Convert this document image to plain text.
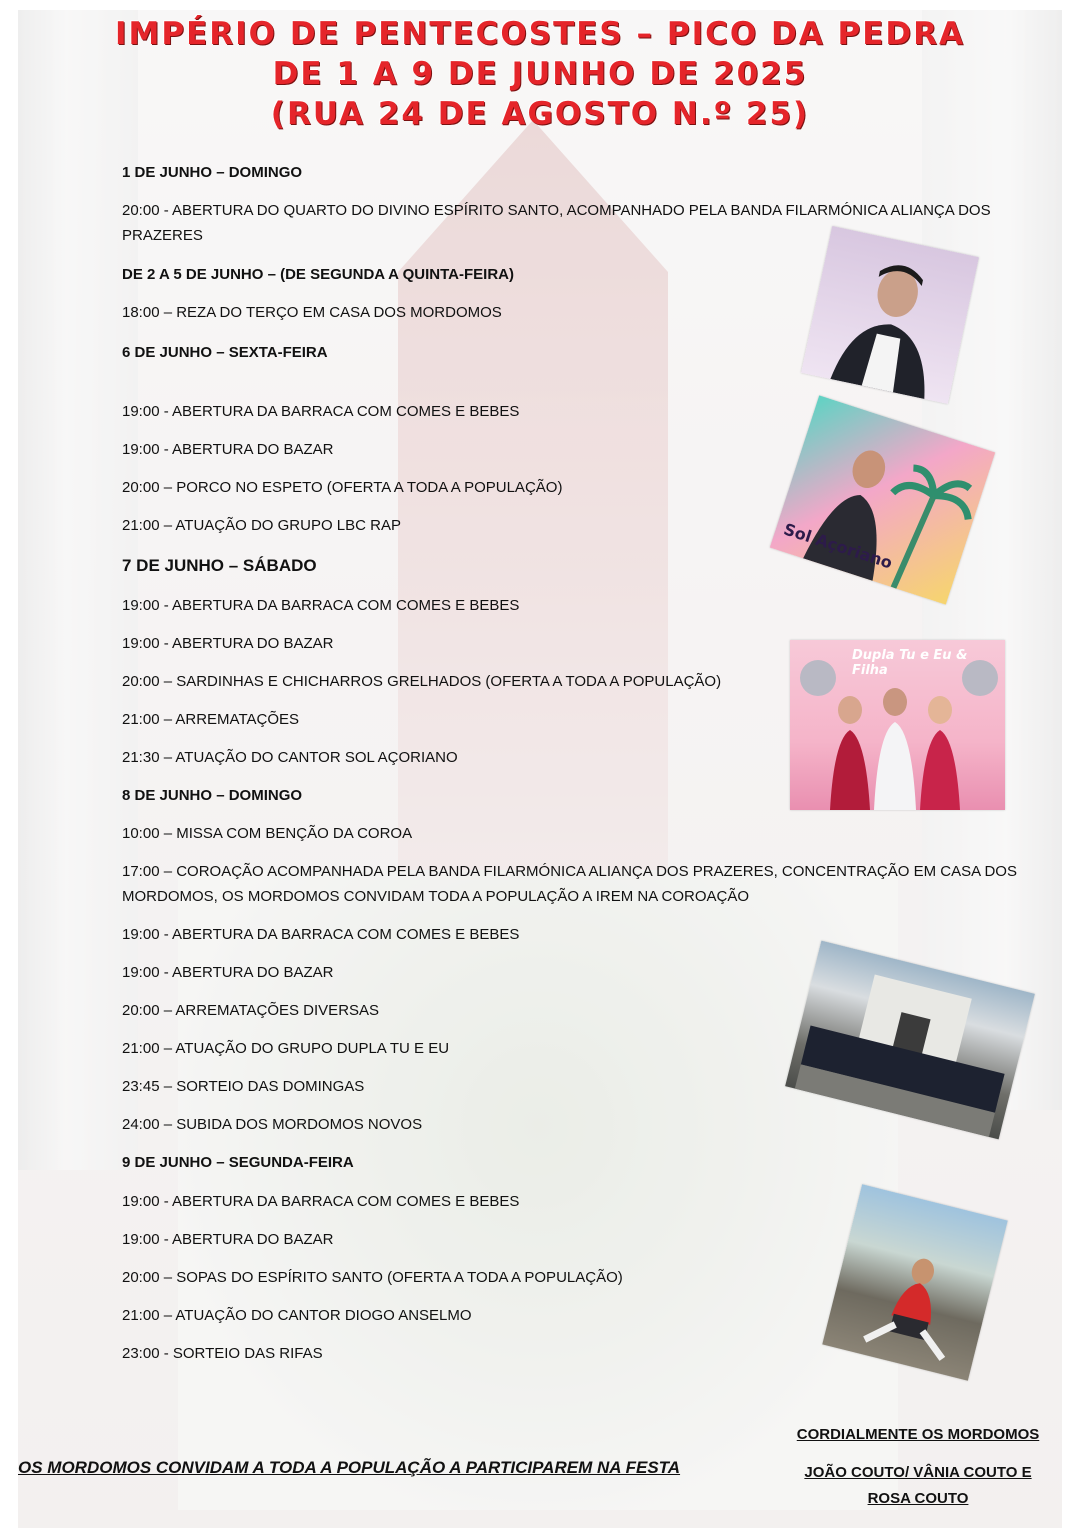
IMPÉRIO DE PENTECOSTES – PICO DA PEDRA
DE 1 A 9 DE JUNHO DE 2025
(RUA 24 DE AGOSTO N.º 25)

1 DE JUNHO – DOMINGO

20:00 - ABERTURA DO QUARTO DO DIVINO ESPÍRITO SANTO, ACOMPANHADO PELA BANDA FILARMÓNICA ALIANÇA DOS PRAZERES

DE 2 A 5 DE JUNHO – (DE SEGUNDA A QUINTA-FEIRA)

18:00 – REZA DO TERÇO EM CASA DOS MORDOMOS

6 DE JUNHO – SEXTA-FEIRA

19:00 - ABERTURA DA BARRACA COM COMES E BEBES

19:00 - ABERTURA DO BAZAR

20:00 – PORCO NO ESPETO (OFERTA A TODA A POPULAÇÃO)

21:00 – ATUAÇÃO DO GRUPO LBC RAP

7 DE JUNHO – SÁBADO

19:00 - ABERTURA DA BARRACA COM COMES E BEBES

19:00 - ABERTURA DO BAZAR

20:00 – SARDINHAS E CHICHARROS GRELHADOS (OFERTA A TODA A POPULAÇÃO)

21:00 – ARREMATAÇÕES

21:30 – ATUAÇÃO DO CANTOR SOL AÇORIANO

8 DE JUNHO – DOMINGO

10:00 – MISSA COM BENÇÃO DA COROA

17:00 – COROAÇÃO ACOMPANHADA PELA BANDA FILARMÓNICA ALIANÇA DOS PRAZERES, CONCENTRAÇÃO EM CASA DOS MORDOMOS, OS MORDOMOS CONVIDAM TODA A POPULAÇÃO A IREM NA COROAÇÃO

19:00 - ABERTURA DA BARRACA COM COMES E BEBES

19:00 - ABERTURA DO BAZAR

20:00 – ARREMATAÇÕES DIVERSAS

21:00 – ATUAÇÃO DO GRUPO DUPLA TU E EU

23:45 – SORTEIO DAS DOMINGAS

24:00 – SUBIDA DOS MORDOMOS NOVOS

9 DE JUNHO – SEGUNDA-FEIRA

19:00 - ABERTURA DA BARRACA COM COMES E BEBES

19:00 - ABERTURA DO BAZAR

20:00 – SOPAS DO ESPÍRITO SANTO (OFERTA A TODA A POPULAÇÃO)

21:00 – ATUAÇÃO DO CANTOR DIOGO ANSELMO

23:00 - SORTEIO DAS RIFAS

Sol Açoriano
Dupla Tu e Eu & Filha
OS MORDOMOS CONVIDAM A TODA A POPULAÇÃO A PARTICIPAREM NA FESTA
CORDIALMENTE OS MORDOMOS
JOÃO COUTO/ VÂNIA COUTO E
ROSA COUTO
